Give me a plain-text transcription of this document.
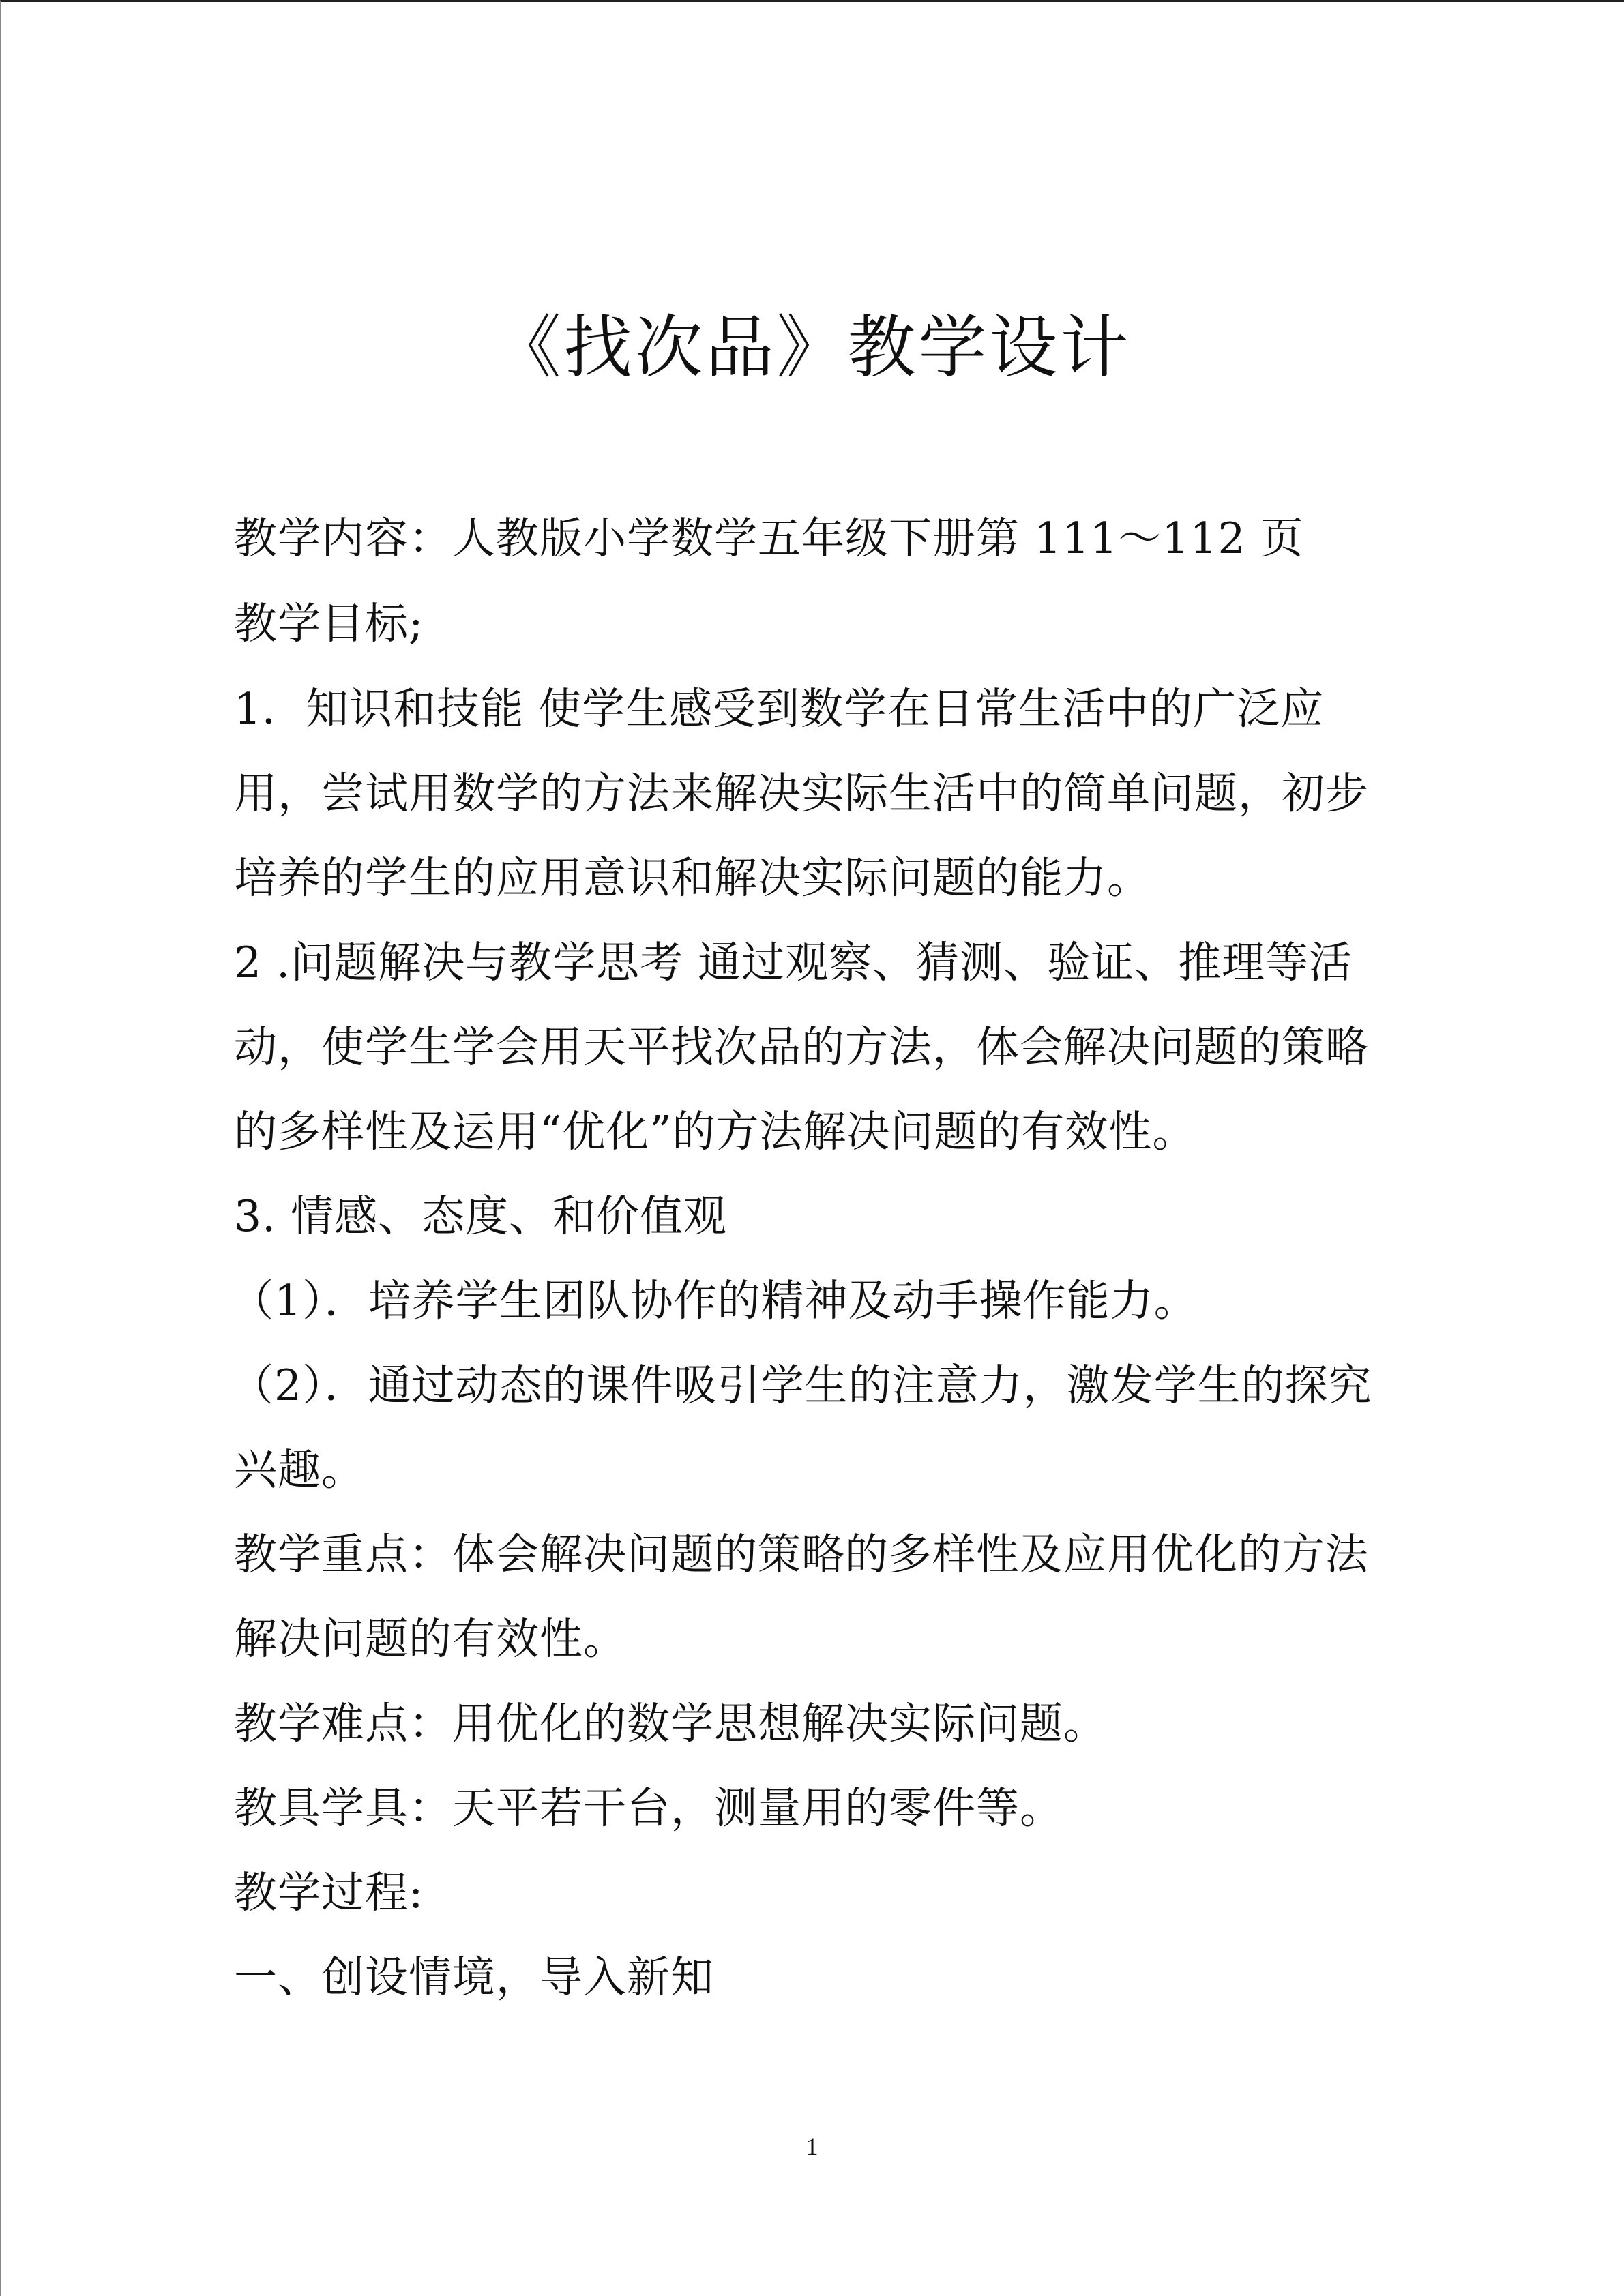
《找次品》教学设计
教学内容：人教版小学数学五年级下册第 111～112 页
教学目标;
1．知识和技能 使学生感受到数学在日常生活中的广泛应
用，尝试用数学的方法来解决实际生活中的简单问题，初步
培养的学生的应用意识和解决实际问题的能力。
2 .问题解决与教学思考 通过观察、猜测、验证、推理等活
动，使学生学会用天平找次品的方法，体会解决问题的策略
的多样性及运用“优化”的方法解决问题的有效性。
3. 情感、态度、和价值观
（1）．培养学生团队协作的精神及动手操作能力。
（2）．通过动态的课件吸引学生的注意力，激发学生的探究
兴趣。
教学重点：体会解决问题的策略的多样性及应用优化的方法
解决问题的有效性。
教学难点：用优化的数学思想解决实际问题。
教具学具：天平若干台，测量用的零件等。
教学过程:
一、创设情境，导入新知
1
